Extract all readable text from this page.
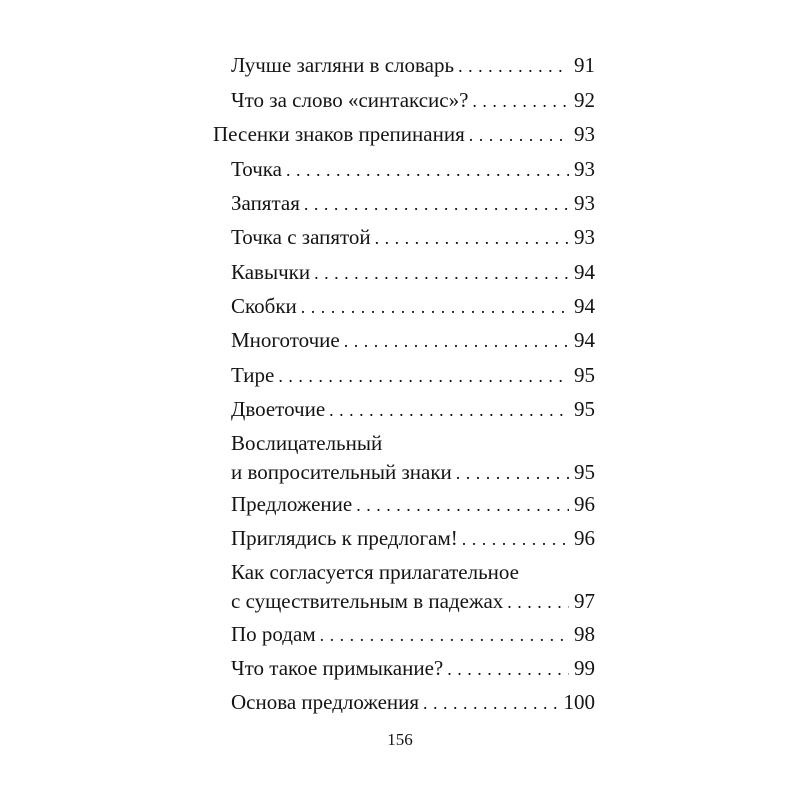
Лучше загляни в словарь . . .	91
Что за слово «синтаксис»? . . .	92
Песенки знаков препинания . . .	93
Точка . . .	93
Запятая . . .	93
Точка с запятой . . .	93
Кавычки . . .	94
Скобки . . .	94
Многоточие . . .	94
Тире . . .	95
Двоеточие . . .	95
Вослицательный
и вопросительный знаки . . .	95
Предложение . . .	96
Приглядись к предлогам! . . .	96
Как согласуется прилагательное
с существительным в падежах . . .	97
По родам . . .	98
Что такое примыкание? . . .	99
Основа предложения . . .	100
156
